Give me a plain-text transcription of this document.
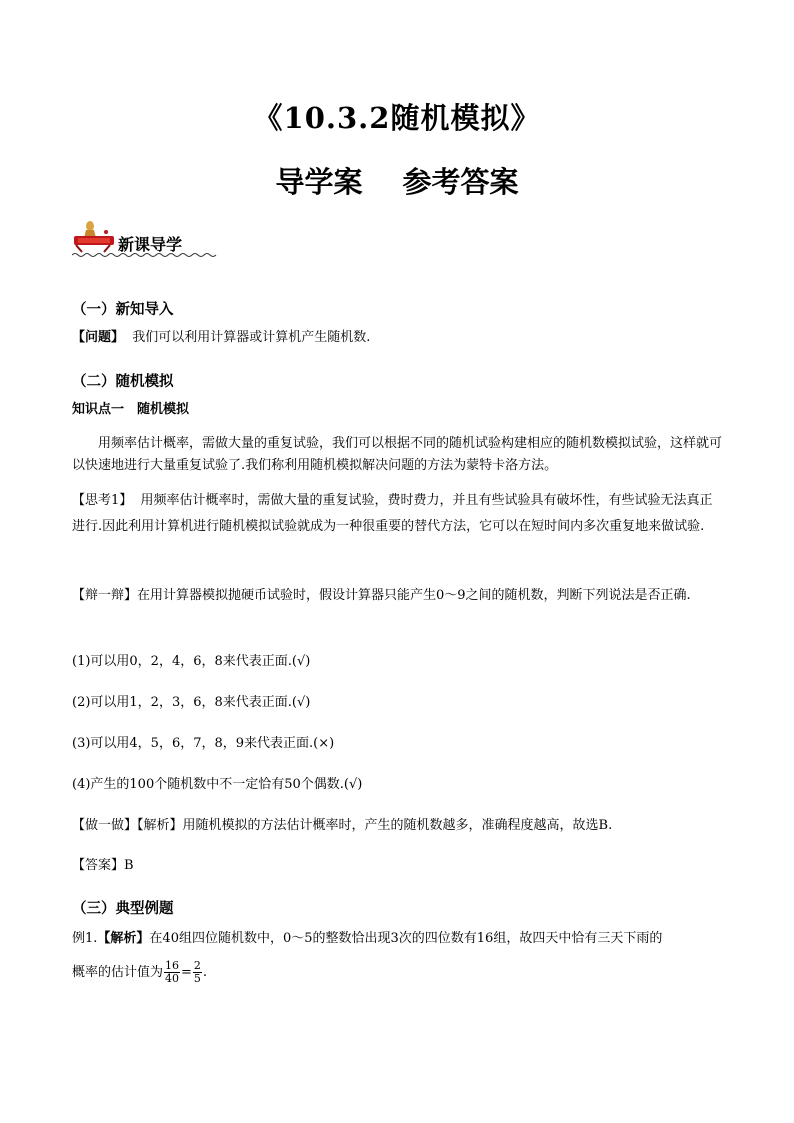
《10.3.2随机模拟》
导学案 参考答案
新课导学
（一）新知导入
【问题】 我们可以利用计算器或计算机产生随机数.
（二）随机模拟
知识点一　随机模拟
用频率估计概率，需做大量的重复试验，我们可以根据不同的随机试验构建相应的随机数模拟试验，这样就可以快速地进行大量重复试验了.我们称利用随机模拟解决问题的方法为蒙特卡洛方法。
【思考1】 用频率估计概率时，需做大量的重复试验，费时费力，并且有些试验具有破坏性，有些试验无法真正进行.因此利用计算机进行随机模拟试验就成为一种很重要的替代方法，它可以在短时间内多次重复地来做试验.
【辩一辩】在用计算器模拟抛硬币试验时，假设计算器只能产生0～9之间的随机数，判断下列说法是否正确.
(1)可以用0，2，4，6，8来代表正面.(√)
(2)可以用1，2，3，6，8来代表正面.(√)
(3)可以用4，5，6，7，8，9来代表正面.(×)
(4)产生的100个随机数中不一定恰有50个偶数.(√)
【做一做】【解析】用随机模拟的方法估计概率时，产生的随机数越多，准确程度越高，故选B.
【答案】B
（三）典型例题
例1.【解析】在40组四位随机数中，0～5的整数恰出现3次的四位数有16组，故四天中恰有三天下雨的
概率的估计值为 $\frac{16}{40} = \frac{2}{5}$ .
